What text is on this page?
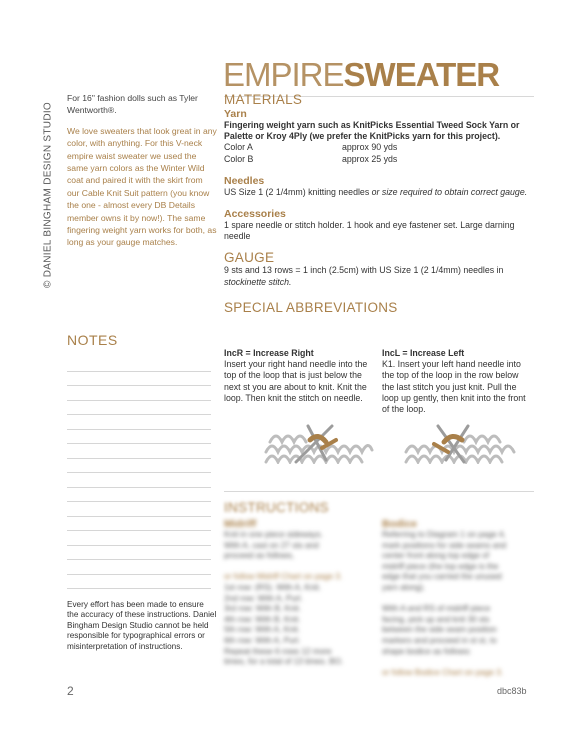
© DANIEL BINGHAM DESIGN STUDIO

For 16" fashion dolls such as Tyler Wentworth®.

We love sweaters that look great in any color, with anything. For this V-neck empire waist sweater we used the same yarn colors as the Winter Wild coat and paired it with the skirt from our Cable Knit Suit pattern (you know the one - almost every DB Details member owns it by now!). The same fingering weight yarn works for both, as long as your gauge matches.

NOTES
Every effort has been made to ensure the accuracy of these instructions. Daniel Bingham Design Studio cannot be held responsible for typographical errors or misinterpretation of instructions.
2	dbc83b
EMPIRESWEATER
MATERIALS
Yarn
Fingering weight yarn such as KnitPicks Essential Tweed Sock Yarn or Palette or Kroy 4Ply (we prefer the KnitPicks yarn for this project).
Color A	approx 90 yds
Color B	approx 25 yds
Needles
US Size 1 (2 1/4mm) knitting needles or size required to obtain correct gauge.
Accessories
1 spare needle or stitch holder. 1 hook and eye fastener set. Large darning needle
GAUGE
9 sts and 13 rows = 1 inch (2.5cm) with US Size 1 (2 1/4mm) needles in stockinette stitch.
SPECIAL ABBREVIATIONS
IncR = Increase Right
Insert your right hand needle into the top of the loop that is just below the next st you are about to knit. Knit the loop. Then knit the stitch on needle.
IncL = Increase Left
K1. Insert your left hand needle into the top of the loop in the row below the last stitch you just knit. Pull the loop up gently, then knit into the front of the loop.
INSTRUCTIONS
Midriff
Knit in one piece sideways.
With A, cast on 27 sts and
proceed as follows,
or follow Midriff Chart on page 3.
1st row: (RS). With A, Knit.
2nd row: With A, Purl.
3rd row: With B, Knit.
4th row: With B, Knit.
5th row: With A, Knit.
6th row: With A, Purl.
Repeat these 6 rows 12 more
times, for a total of 13 times. BO.
Bodice
Referring to Diagram 1 on page 4,
mark positions for side seams and
center front along top edge of
midriff piece (the top edge is the
edge that you carried the unused
yarn along).
With A and RS of midriff piece
facing, pick up and knit 30 sts
between the side seam position
markers and proceed in st st, to
shape bodice as follows:
or follow Bodice Chart on page 3.
